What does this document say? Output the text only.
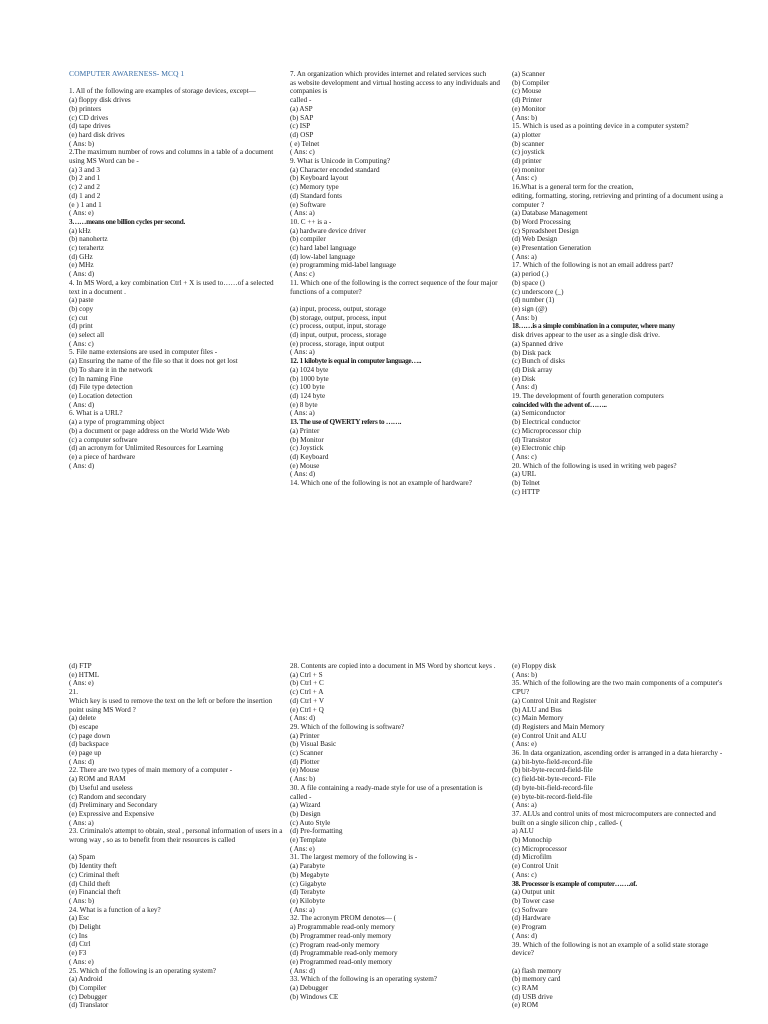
COMPUTER AWARENESS- MCQ 1
1. All of the following are examples of storage devices, except—
(a) floppy disk drives
(b) printers
(c) CD drives
(d) tape drives
(e) hard disk drives
( Ans: b)
2.The maximum number of rows and columns in a table of a document using MS Word can be -
(a) 3 and 3
(b) 2 and 1
(c) 2 and 2
(d) 1 and 2
(e ) 1 and 1
( Ans: e)
3……means one billion cycles per second.
(a) kHz
(b) nanohertz
(c) terahertz
(d) GHz
(e) MHz
( Ans: d)
4. In MS Word, a key combination Ctrl + X is used to……of a selected text in a document .
(a) paste
(b) copy
(c) cut
(d) print
(e) select all
( Ans: c)
5. File name extensions are used in computer files -
(a) Ensuring the name of the file so that it does not get lost
(b) To share it in the network
(c) In naming Fine
(d) File type detection
(e) Location detection
( Ans: d)
6. What is a URL?
(a) a type of programming object
(b) a document or page address on the World Wide Web
(c) a computer software
(d) an acronym for Unlimited Resources for Learning
(e) a piece of hardware
( Ans: d)
7. An organization which provides internet and related services such
as website development and virtual hosting access to any individuals and companies is
called -
(a) ASP
(b) SAP
(c) ISP
(d) OSP
( e) Telnet
( Ans: c)
9. What is Unicode in Computing?
(a) Character encoded standard
(b) Keyboard layout
(c) Memory type
(d) Standard fonts
(e) Software
( Ans: a)
10. C ++ is a -
(a) hardware device driver
(b) compiler
(c) hard label language
(d) low-label language
(e) programming mid-label language
( Ans: c)
11. Which one of the following is the correct sequence of the four major functions of a computer?
(a) input, process, output, storage
(b) storage, output, process, input
(c) process, output, input, storage
(d) input, output, process, storage
(e) process, storage, input output
( Ans: a)
12. 1 kilobyte is equal in computer language…..
(a) 1024 byte
(b) 1000 byte
(c) 100 byte
(d) 124 byte
(e) 8 byte
( Ans: a)
13. The use of QWERTY refers to …….
(a) Printer
(b) Monitor
(c) Joystick
(d) Keyboard
(e) Mouse
( Ans: d)
14. Which one of the following is not an example of hardware?
(a) Scanner
(b) Compiler
(c) Mouse
(d) Printer
(e) Monitor
( Ans: b)
15. Which is used as a pointing device in a computer system?
(a) plotter
(b) scanner
(c) joystick
(d) printer
(e) monitor
( Ans: c)
16.What is a general term for the creation,
editing, formatting, storing, retrieving and printing of a document using a computer ?
(a) Database Management
(b) Word Processing
(c) Spreadsheet Design
(d) Web Design
(e) Presentation Generation
( Ans: a)
17. Which of the following is not an email address part?
(a) period (.)
(b) space ()
(c) underscore (_)
(d) number (1)
(e) sign (@)
( Ans: b)
18……is a simple combination in a computer, where many
disk drives appear to the user as a single disk drive.
(a) Spanned drive
(b) Disk pack
(c) Bunch of disks
(d) Disk array
(e) Disk
( Ans: d)
19. The development of fourth generation computers
coincided with the advent of……..
(a) Semiconductor
(b) Electrical conductor
(c) Microprocessor chip
(d) Transistor
(e) Electronic chip
( Ans: c)
20. Which of the following is used in writing web pages?
(a) URL
(b) Telnet
(c) HTTP
(d) FTP
(e) HTML
( Ans: e)
21.
Which key is used to remove the text on the left or before the insertion point using MS Word ?
(a) delete
(b) escape
(c) page down
(d) backspace
(e) page up
( Ans: d)
22. There are two types of main memory of a computer -
(a) ROM and RAM
(b) Useful and useless
(c) Random and secondary
(d) Preliminary and Secondary
(e) Expressive and Expensive
( Ans: a)
23. Criminalo's attempt to obtain, steal , personal information of users in a wrong way , so as to benefit from their resources is called
(a) Spam
(b) Identity theft
(c) Criminal theft
(d) Child theft
(e) Financial theft
( Ans: b)
24. What is a function of a key?
(a) Esc
(b) Delight
(c) Ins
(d) Ctrl
(e) F3
( Ans: e)
25. Which of the following is an operating system?
(a) Android
(b) Compiler
(c) Debugger
(d) Translator
28. Contents are copied into a document in MS Word by shortcut keys .
(a) Ctrl + S
(b) Ctrl + C
(c) Ctrl + A
(d) Ctrl + V
(e) Ctrl + Q
( Ans: d)
29. Which of the following is software?
(a) Printer
(b) Visual Basic
(c) Scanner
(d) Plotter
(e) Mouse
( Ans: b)
30. A file containing a ready-made style for use of a presentation is
called -
(a) Wizard
(b) Design
(c) Auto Style
(d) Pre-formatting
(e) Template
( Ans: e)
31. The largest memory of the following is -
(a) Parabyte
(b) Megabyte
(c) Gigabyte
(d) Terabyte
(e) Kilobyte
( Ans: a)
32. The acronym PROM denotes— (
a) Programmable read-only memory
(b) Programmer read-only memory
(c) Program read-only memory
(d) Programmable read-only memory
(e) Programmed read-only memory
( Ans: d)
33. Which of the following is an operating system?
(a) Debugger
(b) Windows CE
(e) Floppy disk
( Ans: b)
35. Which of the following are the two main components of a computer's CPU?
(a) Control Unit and Register
(b) ALU and Bus
(c) Main Memory
(d) Registers and Main Memory
(e) Control Unit and ALU
( Ans: e)
36. In data organization, ascending order is arranged in a data hierarchy -
(a) bit-byte-field-record-file
(b) bit-byte-record-field-file
(c) field-bit-byte-record- File
(d) byte-bit-field-record-file
(e) byte-bit-record-field-file
( Ans: a)
37. ALUs and control units of most microcomputers are connected and built on a single silicon chip , called- (
a) ALU
(b) Monochip
(c) Microprocessor
(d) Microfilm
(e) Control Unit
( Ans: c)
38. Processor is example of computer…….of.
(a) Output unit
(b) Tower case
(c) Software
(d) Hardware
(e) Program
( Ans: d)
39. Which of the following is not an example of a solid state storage device?
(a) flash memory
(b) memory card
(c) RAM
(d) USB drive
(e) ROM
